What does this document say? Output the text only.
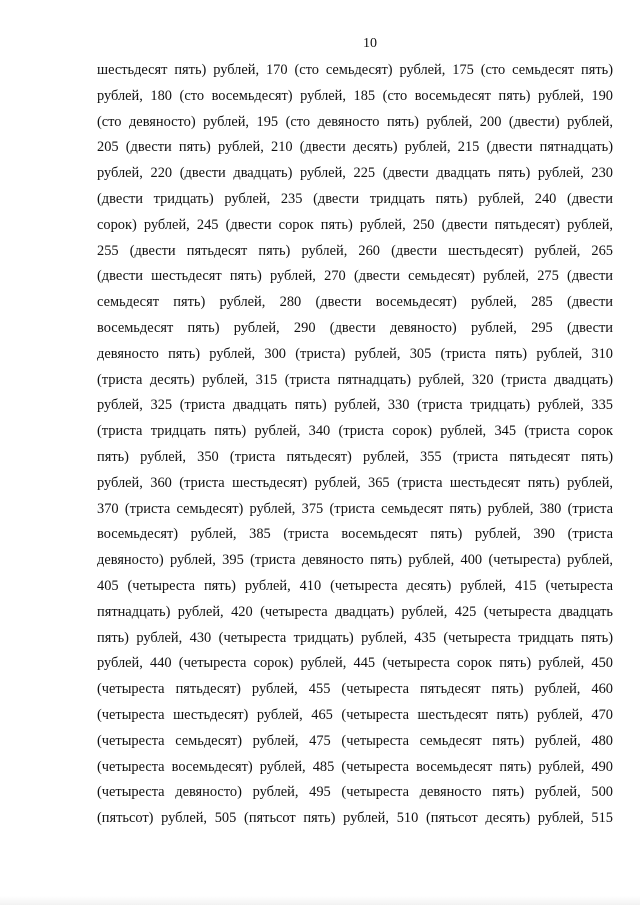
10
шестьдесят пять) рублей, 170 (сто семьдесят) рублей, 175 (сто семьдесят пять)
рублей, 180 (сто восемьдесят) рублей, 185 (сто восемьдесят пять) рублей, 190
(сто девяносто) рублей, 195 (сто девяносто пять) рублей, 200 (двести) рублей,
205 (двести пять) рублей, 210 (двести десять) рублей, 215 (двести пятнадцать)
рублей, 220 (двести двадцать) рублей, 225 (двести двадцать пять) рублей, 230
(двести тридцать) рублей, 235 (двести тридцать пять) рублей, 240 (двести
сорок) рублей, 245 (двести сорок пять) рублей, 250 (двести пятьдесят) рублей,
255 (двести пятьдесят пять) рублей, 260 (двести шестьдесят) рублей, 265
(двести шестьдесят пять) рублей, 270 (двести семьдесят) рублей, 275 (двести
семьдесят пять) рублей, 280 (двести восемьдесят) рублей, 285 (двести
восемьдесят пять) рублей, 290 (двести девяносто) рублей, 295 (двести
девяносто пять) рублей, 300 (триста) рублей, 305 (триста пять) рублей, 310
(триста десять) рублей, 315 (триста пятнадцать) рублей, 320 (триста двадцать)
рублей, 325 (триста двадцать пять) рублей, 330 (триста тридцать) рублей, 335
(триста тридцать пять) рублей, 340 (триста сорок) рублей, 345 (триста сорок
пять) рублей, 350 (триста пятьдесят) рублей, 355 (триста пятьдесят пять)
рублей, 360 (триста шестьдесят) рублей, 365 (триста шестьдесят пять) рублей,
370 (триста семьдесят) рублей, 375 (триста семьдесят пять) рублей, 380 (триста
восемьдесят) рублей, 385 (триста восемьдесят пять) рублей, 390 (триста
девяносто) рублей, 395 (триста девяносто пять) рублей, 400 (четыреста) рублей,
405 (четыреста пять) рублей, 410 (четыреста десять) рублей, 415 (четыреста
пятнадцать) рублей, 420 (четыреста двадцать) рублей, 425 (четыреста двадцать
пять) рублей, 430 (четыреста тридцать) рублей, 435 (четыреста тридцать пять)
рублей, 440 (четыреста сорок) рублей, 445 (четыреста сорок пять) рублей, 450
(четыреста пятьдесят) рублей, 455 (четыреста пятьдесят пять) рублей, 460
(четыреста шестьдесят) рублей, 465 (четыреста шестьдесят пять) рублей, 470
(четыреста семьдесят) рублей, 475 (четыреста семьдесят пять) рублей, 480
(четыреста восемьдесят) рублей, 485 (четыреста восемьдесят пять) рублей, 490
(четыреста девяносто) рублей, 495 (четыреста девяносто пять) рублей, 500
(пятьсот) рублей, 505 (пятьсот пять) рублей, 510 (пятьсот десять) рублей, 515
